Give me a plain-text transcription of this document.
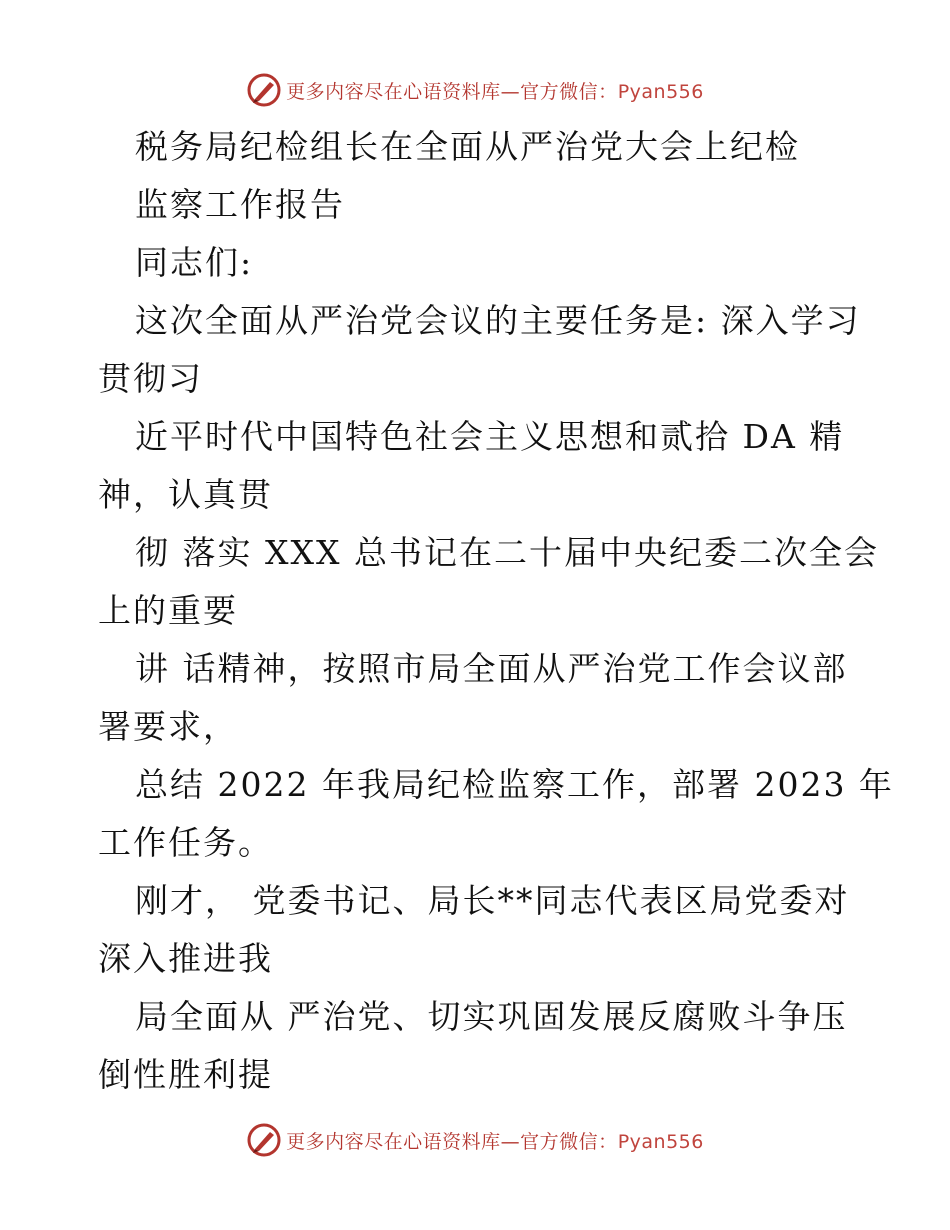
更多内容尽在心语资料库—官方微信：Pyan556
税务局纪检组长在全面从严治党大会上纪检
监察工作报告
同志们:
这次全面从严治党会议的主要任务是: 深入学习
贯彻习
近平时代中国特色社会主义思想和贰拾 DA 精
神，认真贯
彻 落实 XXX 总书记在二十届中央纪委二次全会
上的重要
讲 话精神，按照市局全面从严治党工作会议部
署要求，
总结 2022 年我局纪检监察工作，部署 2023 年
工作任务。
刚才， 党委书记、局长**同志代表区局党委对
深入推进我
局全面从 严治党、切实巩固发展反腐败斗争压
倒性胜利提
更多内容尽在心语资料库—官方微信：Pyan556
